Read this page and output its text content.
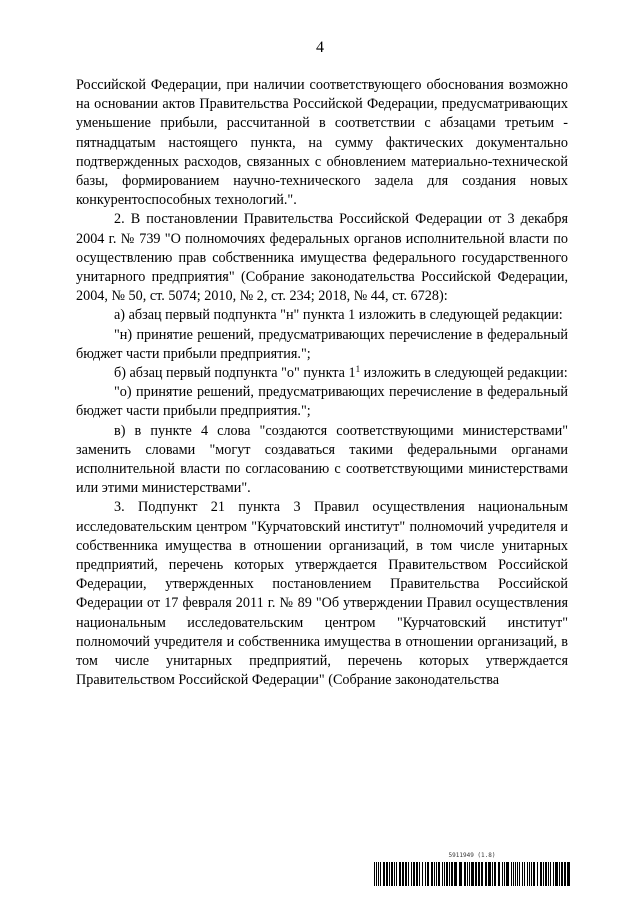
4

Российской Федерации, при наличии соответствующего обоснования возможно на основании актов Правительства Российской Федерации, предусматривающих уменьшение прибыли, рассчитанной в соответствии с абзацами третьим - пятнадцатым настоящего пункта, на сумму фактических документально подтвержденных расходов, связанных с обновлением материально-технической базы, формированием научно-технического задела для создания новых конкурентоспособных технологий.".

2. В постановлении Правительства Российской Федерации от 3 декабря 2004 г. № 739 "О полномочиях федеральных органов исполнительной власти по осуществлению прав собственника имущества федерального государственного унитарного предприятия" (Собрание законодательства Российской Федерации, 2004, № 50, ст. 5074; 2010, № 2, ст. 234; 2018, № 44, ст. 6728):

а) абзац первый подпункта "н" пункта 1 изложить в следующей редакции:

"н) принятие решений, предусматривающих перечисление в федеральный бюджет части прибыли предприятия.";

б) абзац первый подпункта "о" пункта $1^1$ изложить в следующей редакции:

"о) принятие решений, предусматривающих перечисление в федеральный бюджет части прибыли предприятия.";

в) в пункте 4 слова "создаются соответствующими министерствами" заменить словами "могут создаваться такими федеральными органами исполнительной власти по согласованию с соответствующими министерствами или этими министерствами".

3. Подпункт 21 пункта 3 Правил осуществления национальным исследовательским центром "Курчатовский институт" полномочий учредителя и собственника имущества в отношении организаций, в том числе унитарных предприятий, перечень которых утверждается Правительством Российской Федерации, утвержденных постановлением Правительства Российской Федерации от 17 февраля 2011 г. № 89 "Об утверждении Правил осуществления национальным исследовательским центром "Курчатовский институт" полномочий учредителя и собственника имущества в отношении организаций, в том числе унитарных предприятий, перечень которых утверждается Правительством Российской Федерации" (Собрание законодательства

5911949 (1.8)
